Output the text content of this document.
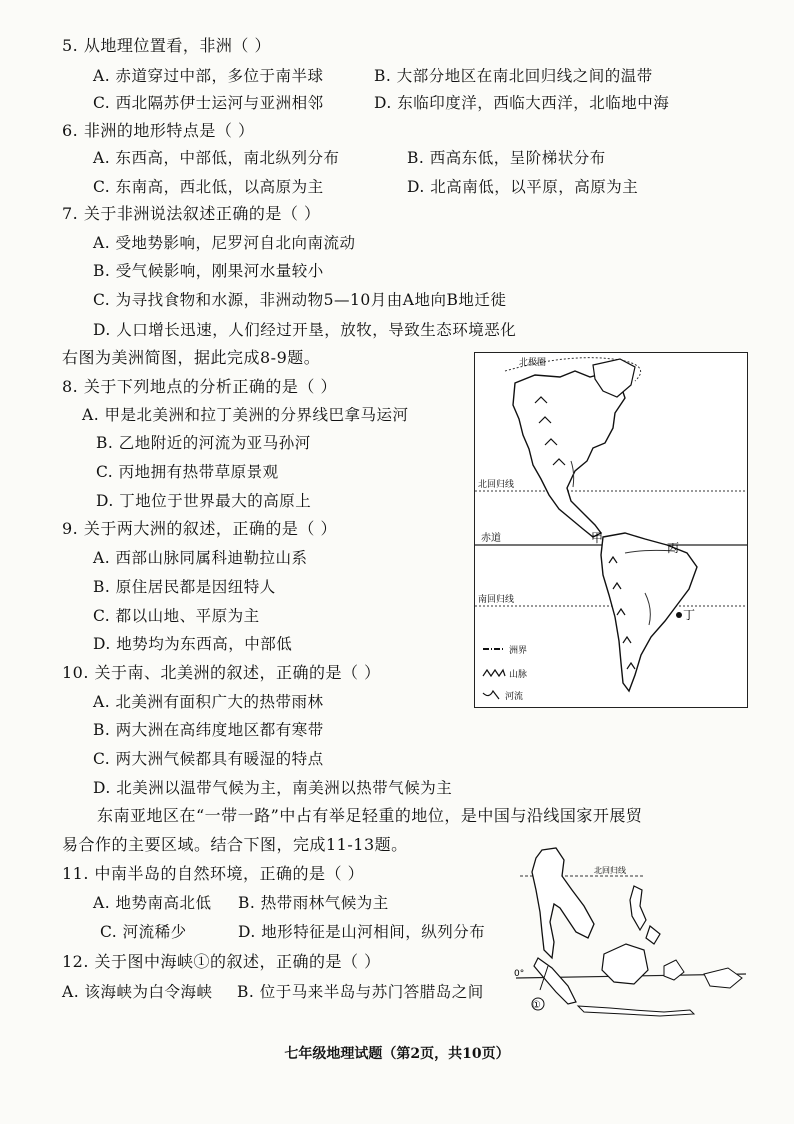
5. 从地理位置看，非洲（ ）
A. 赤道穿过中部，多位于南半球	B. 大部分地区在南北回归线之间的温带
C. 西北隔苏伊士运河与亚洲相邻	D. 东临印度洋，西临大西洋，北临地中海
6. 非洲的地形特点是（ ）
A. 东西高，中部低，南北纵列分布	B. 西高东低，呈阶梯状分布
C. 东南高，西北低，以高原为主	D. 北高南低，以平原，高原为主
7. 关于非洲说法叙述正确的是（ ）
A. 受地势影响，尼罗河自北向南流动
B. 受气候影响，刚果河水量较小
C. 为寻找食物和水源，非洲动物5—10月由A地向B地迁徙
D. 人口增长迅速，人们经过开垦，放牧，导致生态环境恶化
右图为美洲简图，据此完成8-9题。
8. 关于下列地点的分析正确的是（ ）
A. 甲是北美洲和拉丁美洲的分界线巴拿马运河
B. 乙地附近的河流为亚马孙河
C. 丙地拥有热带草原景观
D. 丁地位于世界最大的高原上
9. 关于两大洲的叙述，正确的是（ ）
A. 西部山脉同属科迪勒拉山系
B. 原住居民都是因纽特人
C. 都以山地、平原为主
D. 地势均为东西高，中部低
10. 关于南、北美洲的叙述，正确的是（ ）
A. 北美洲有面积广大的热带雨林
B. 两大洲在高纬度地区都有寒带
C. 两大洲气候都具有暖湿的特点
D. 北美洲以温带气候为主，南美洲以热带气候为主
东南亚地区在“一带一路”中占有举足轻重的地位，是中国与沿线国家开展贸
易合作的主要区域。结合下图，完成11-13题。
11. 中南半岛的自然环境，正确的是（ ）
A. 地势南高北低 B. 热带雨林气候为主
C. 河流稀少	D. 地形特征是山河相间，纵列分布
12. 关于图中海峡①的叙述，正确的是（ ）
A. 该海峡为白令海峡 B. 位于马来半岛与苏门答腊岛之间
北极圈
北回归线
赤道
南回归线
甲
丙
丁
洲界
山脉
河流
北回归线
0°
①
七年级地理试题（第2页，共10页）
